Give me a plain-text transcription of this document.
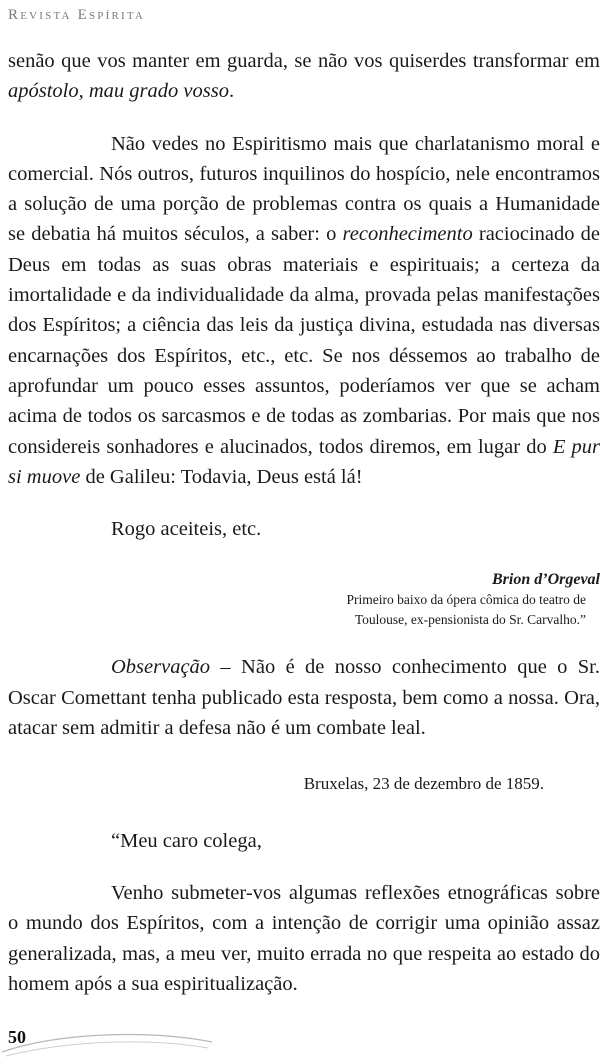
Revista Espírita

senão que vos manter em guarda, se não vos quiserdes transformar em apóstolo, mau grado vosso.

Não vedes no Espiritismo mais que charlatanismo moral e comercial. Nós outros, futuros inquilinos do hospício, nele encontramos a solução de uma porção de problemas contra os quais a Humanidade se debatia há muitos séculos, a saber: o reconhecimento raciocinado de Deus em todas as suas obras materiais e espirituais; a certeza da imortalidade e da individualidade da alma, provada pelas manifestações dos Espíritos; a ciência das leis da justiça divina, estudada nas diversas encarnações dos Espíritos, etc., etc. Se nos déssemos ao trabalho de aprofundar um pouco esses assuntos, poderíamos ver que se acham acima de todos os sarcasmos e de todas as zombarias. Por mais que nos considereis sonhadores e alucinados, todos diremos, em lugar do E pur si muove de Galileu: Todavia, Deus está lá!

Rogo aceiteis, etc.

Brion d’Orgeval
Primeiro baixo da ópera cômica do teatro de
Toulouse, ex-pensionista do Sr. Carvalho.”

Observação – Não é de nosso conhecimento que o Sr. Oscar Comettant tenha publicado esta resposta, bem como a nossa. Ora, atacar sem admitir a defesa não é um combate leal.

Bruxelas, 23 de dezembro de 1859.

“Meu caro colega,

Venho submeter-vos algumas reflexões etnográficas sobre o mundo dos Espíritos, com a intenção de corrigir uma opinião assaz generalizada, mas, a meu ver, muito errada no que respeita ao estado do homem após a sua espiritualização.

50
